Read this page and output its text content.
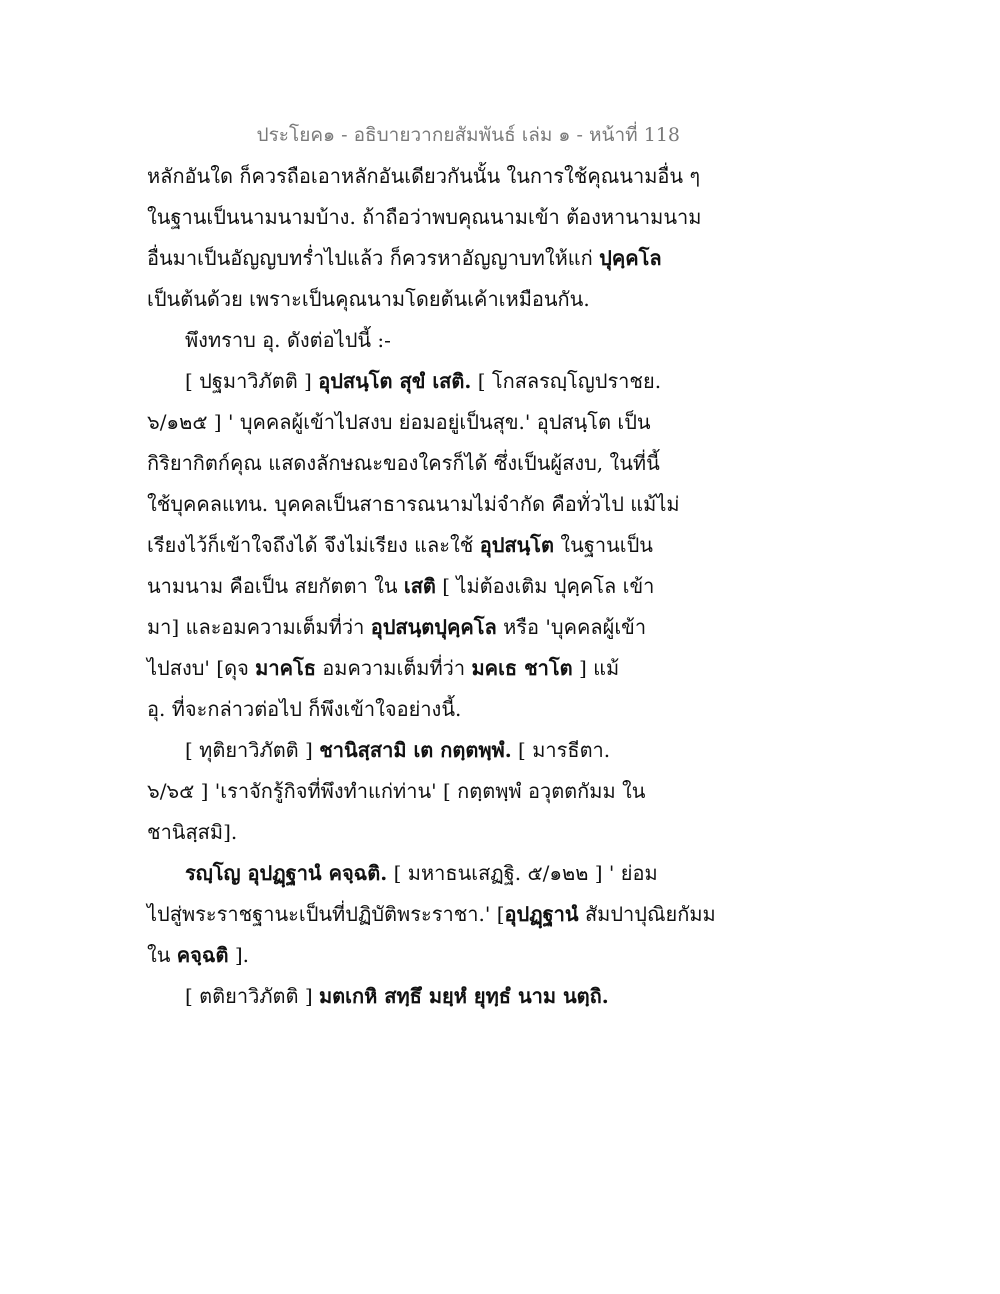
ประโยค๑ - อธิบายวากยสัมพันธ์ เล่ม ๑ - หน้าที่ 118
หลักอันใด ก็ควรถือเอาหลักอันเดียวกันนั้น ในการใช้คุณนามอื่น ๆ
ในฐานเป็นนามนามบ้าง. ถ้าถือว่าพบคุณนามเข้า ต้องหานามนาม
อื่นมาเป็นอัญญบทร่ำไปแล้ว ก็ควรหาอัญญาบทให้แก่ ปุคฺคโล
เป็นต้นด้วย เพราะเป็นคุณนามโดยต้นเค้าเหมือนกัน.
พึงทราบ อุ. ดังต่อไปนี้ :-
[ ปฐมาวิภัตติ ] อุปสนฺโต สุขํ เสติ. [ โกสลรญฺโญปราชย.
๖/๑๒๕ ] ' บุคคลผู้เข้าไปสงบ ย่อมอยู่เป็นสุข.' อุปสนฺโต เป็น
กิริยากิตก์คุณ แสดงลักษณะของใครก็ได้ ซึ่งเป็นผู้สงบ, ในที่นี้
ใช้บุคคลแทน. บุคคลเป็นสาธารณนามไม่จำกัด คือทั่วไป แม้ไม่
เรียงไว้ก็เข้าใจถึงได้ จึงไม่เรียง และใช้ อุปสนฺโต ในฐานเป็น
นามนาม คือเป็น สยกัตตา ใน เสติ [ ไม่ต้องเติม ปุคฺคโล เข้า
มา] และอมความเต็มที่ว่า อุปสนฺตปุคฺคโล หรือ 'บุคคลผู้เข้า
ไปสงบ' [ดุจ มาคโธ อมความเต็มที่ว่า มคเธ ชาโต ] แม้
อุ. ที่จะกล่าวต่อไป ก็พึงเข้าใจอย่างนี้.
[ ทุติยาวิภัตติ ] ชานิสฺสามิ เต กตฺตพฺพํ. [ มารธีตา.
๖/๖๕ ] 'เราจักรู้กิจที่พึงทำแก่ท่าน' [ กตฺตพฺพํ อวุตตกัมม ใน
ชานิสฺสมิ].
รญฺโญ อุปฏฺฐานํ คจฺฉติ. [ มหาธนเสฏฐิ. ๕/๑๒๒ ] ' ย่อม
ไปสู่พระราชฐานะเป็นที่ปฏิบัติพระราชา.' [อุปฏฺฐานํ สัมปาปุณิยกัมม
ใน คจฺฉติ ].
[ ตติยาวิภัตติ ] มตเกหิ สทฺธึ มยฺหํ ยุทฺธํ นาม นตฺถิ.
